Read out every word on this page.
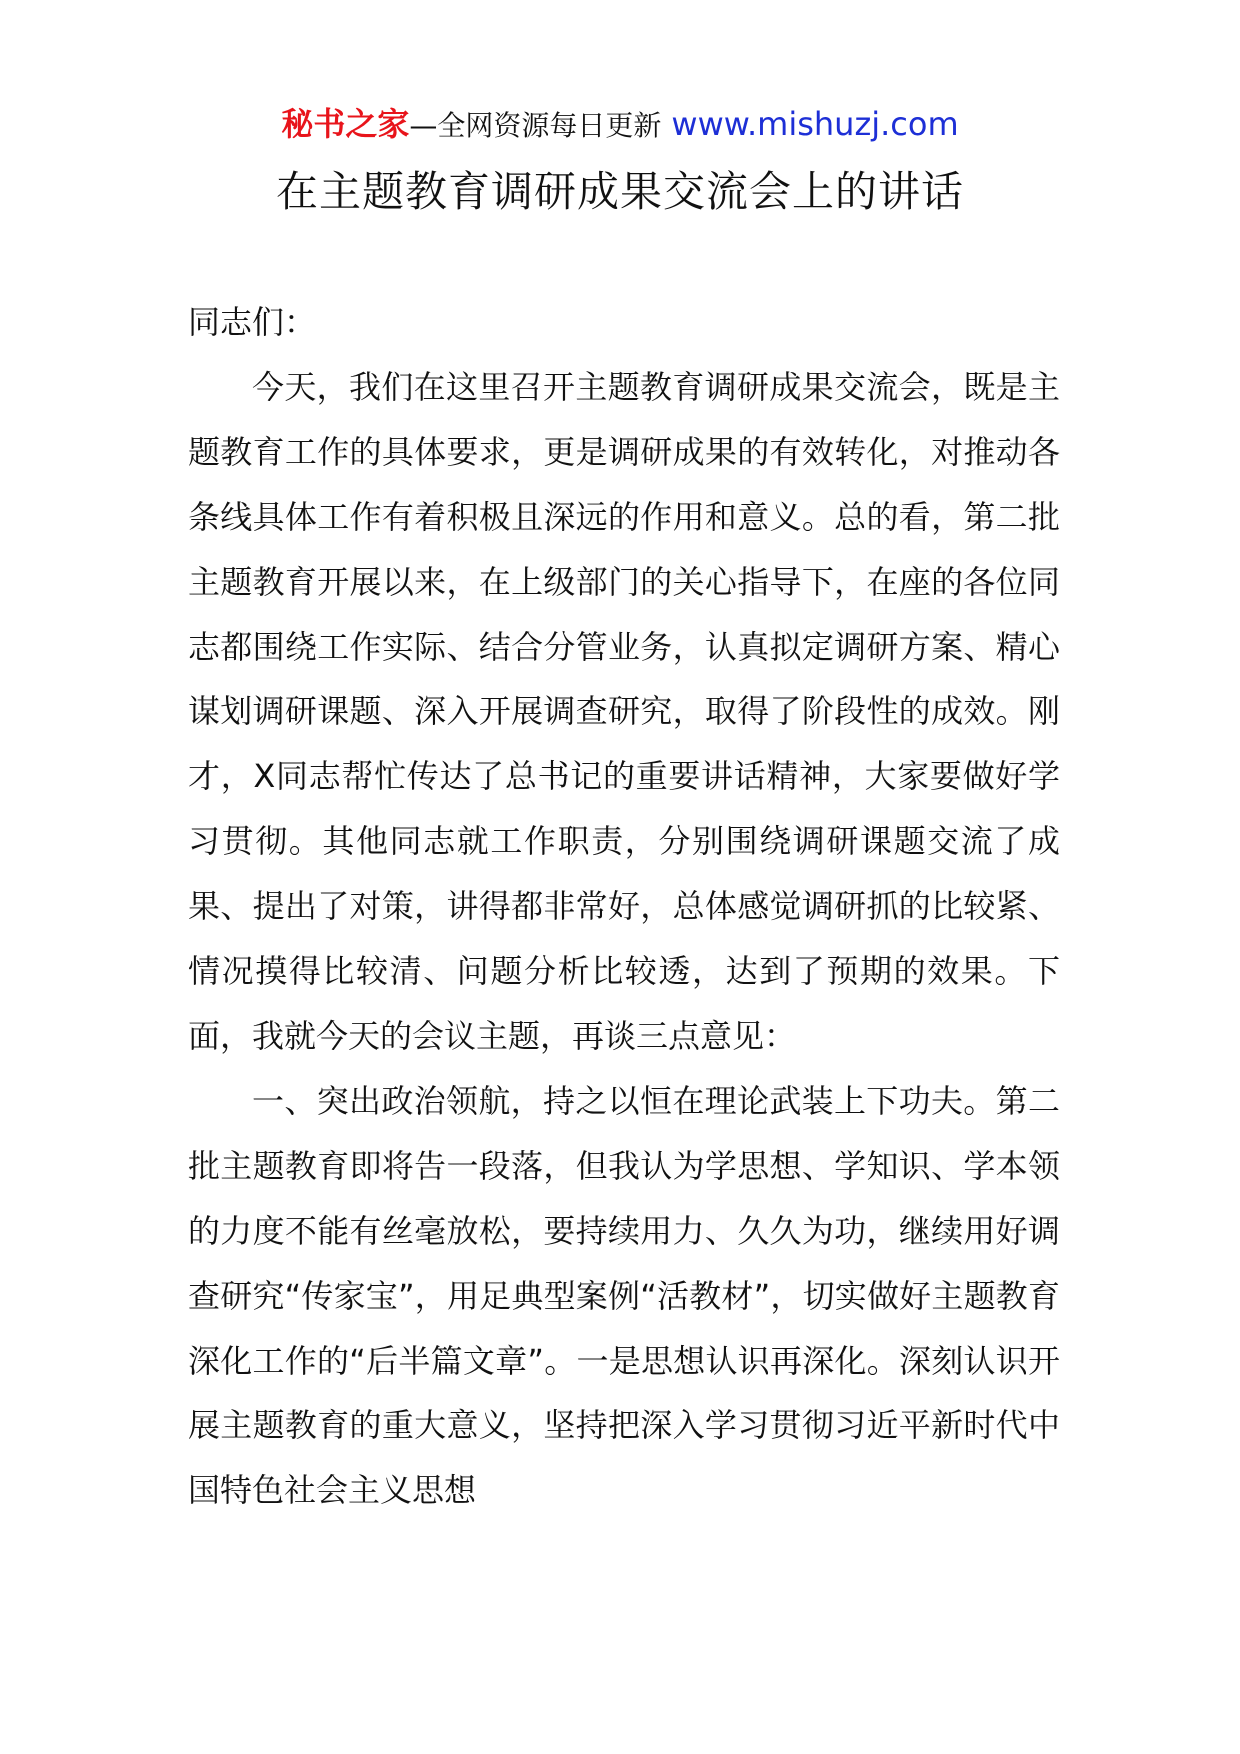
秘书之家—全网资源每日更新 www.mishuzj.com
在主题教育调研成果交流会上的讲话

同志们：

今天，我们在这里召开主题教育调研成果交流会，既是主题教育工作的具体要求，更是调研成果的有效转化，对推动各条线具体工作有着积极且深远的作用和意义。总的看，第二批主题教育开展以来，在上级部门的关心指导下，在座的各位同志都围绕工作实际、结合分管业务，认真拟定调研方案、精心谋划调研课题、深入开展调查研究，取得了阶段性的成效。刚才，X同志帮忙传达了总书记的重要讲话精神，大家要做好学习贯彻。其他同志就工作职责，分别围绕调研课题交流了成果、提出了对策，讲得都非常好，总体感觉调研抓的比较紧、情况摸得比较清、问题分析比较透，达到了预期的效果。下面，我就今天的会议主题，再谈三点意见：

一、突出政治领航，持之以恒在理论武装上下功夫。第二批主题教育即将告一段落，但我认为学思想、学知识、学本领的力度不能有丝毫放松，要持续用力、久久为功，继续用好调查研究“传家宝”，用足典型案例“活教材”，切实做好主题教育深化工作的“后半篇文章”。一是思想认识再深化。深刻认识开展主题教育的重大意义，坚持把深入学习贯彻习近平新时代中国特色社会主义思想
